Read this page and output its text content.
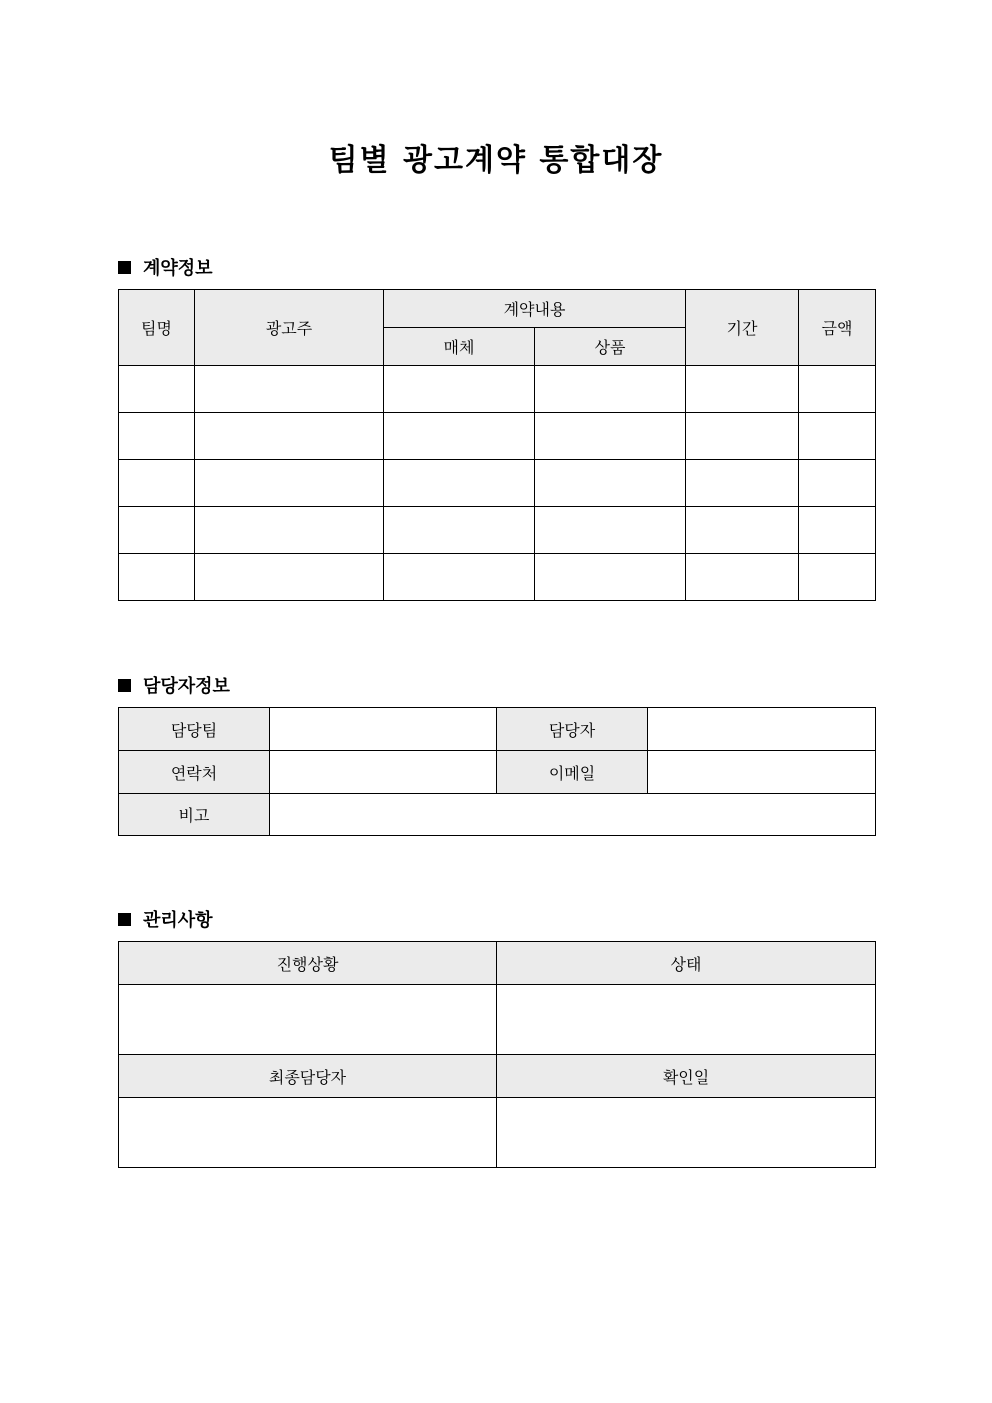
팀별 광고계약 통합대장
계약정보
팀명	광고주	계약내용		기간	금액
		매체	상품		

담당자정보
담당팀		담당자	
연락처		이메일	
비고			
관리사항
진행상황	상태

최종담당자	확인일
